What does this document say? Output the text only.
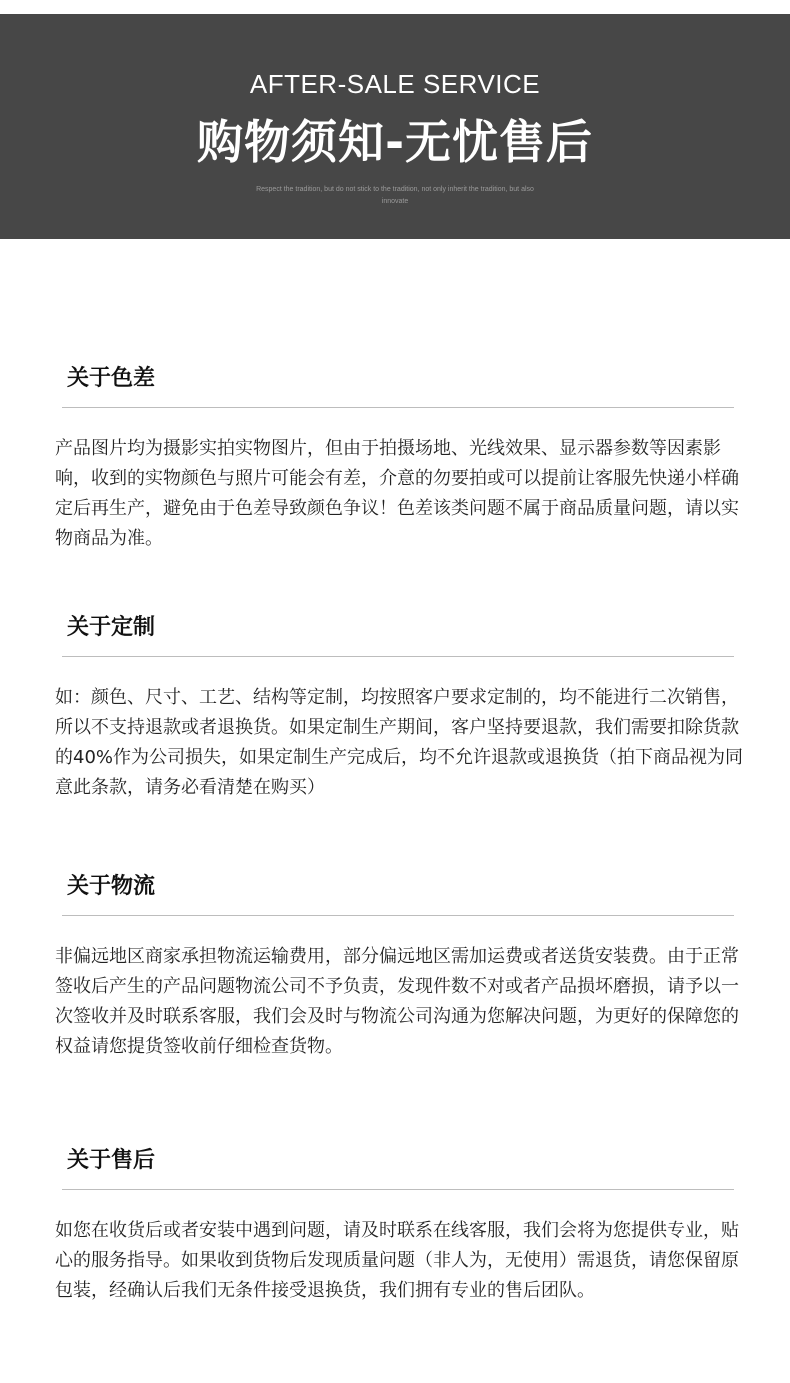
AFTER-SALE SERVICE
购物须知-无忧售后
Respect the tradition, but do not stick to the tradition, not only inherit the tradition, but also innovate
关于色差
产品图片均为摄影实拍实物图片，但由于拍摄场地、光线效果、显示器参数等因素影响，收到的实物颜色与照片可能会有差，介意的勿要拍或可以提前让客服先快递小样确定后再生产，避免由于色差导致颜色争议！色差该类问题不属于商品质量问题，请以实物商品为准。
关于定制
如：颜色、尺寸、工艺、结构等定制，均按照客户要求定制的，均不能进行二次销售，所以不支持退款或者退换货。如果定制生产期间，客户坚持要退款，我们需要扣除货款的40%作为公司损失，如果定制生产完成后，均不允许退款或退换货（拍下商品视为同意此条款，请务必看清楚在购买）
关于物流
非偏远地区商家承担物流运输费用，部分偏远地区需加运费或者送货安装费。由于正常签收后产生的产品问题物流公司不予负责，发现件数不对或者产品损坏磨损，请予以一次签收并及时联系客服，我们会及时与物流公司沟通为您解决问题，为更好的保障您的权益请您提货签收前仔细检查货物。
关于售后
如您在收货后或者安装中遇到问题，请及时联系在线客服，我们会将为您提供专业，贴心的服务指导。如果收到货物后发现质量问题（非人为，无使用）需退货，请您保留原包装，经确认后我们无条件接受退换货，我们拥有专业的售后团队。
